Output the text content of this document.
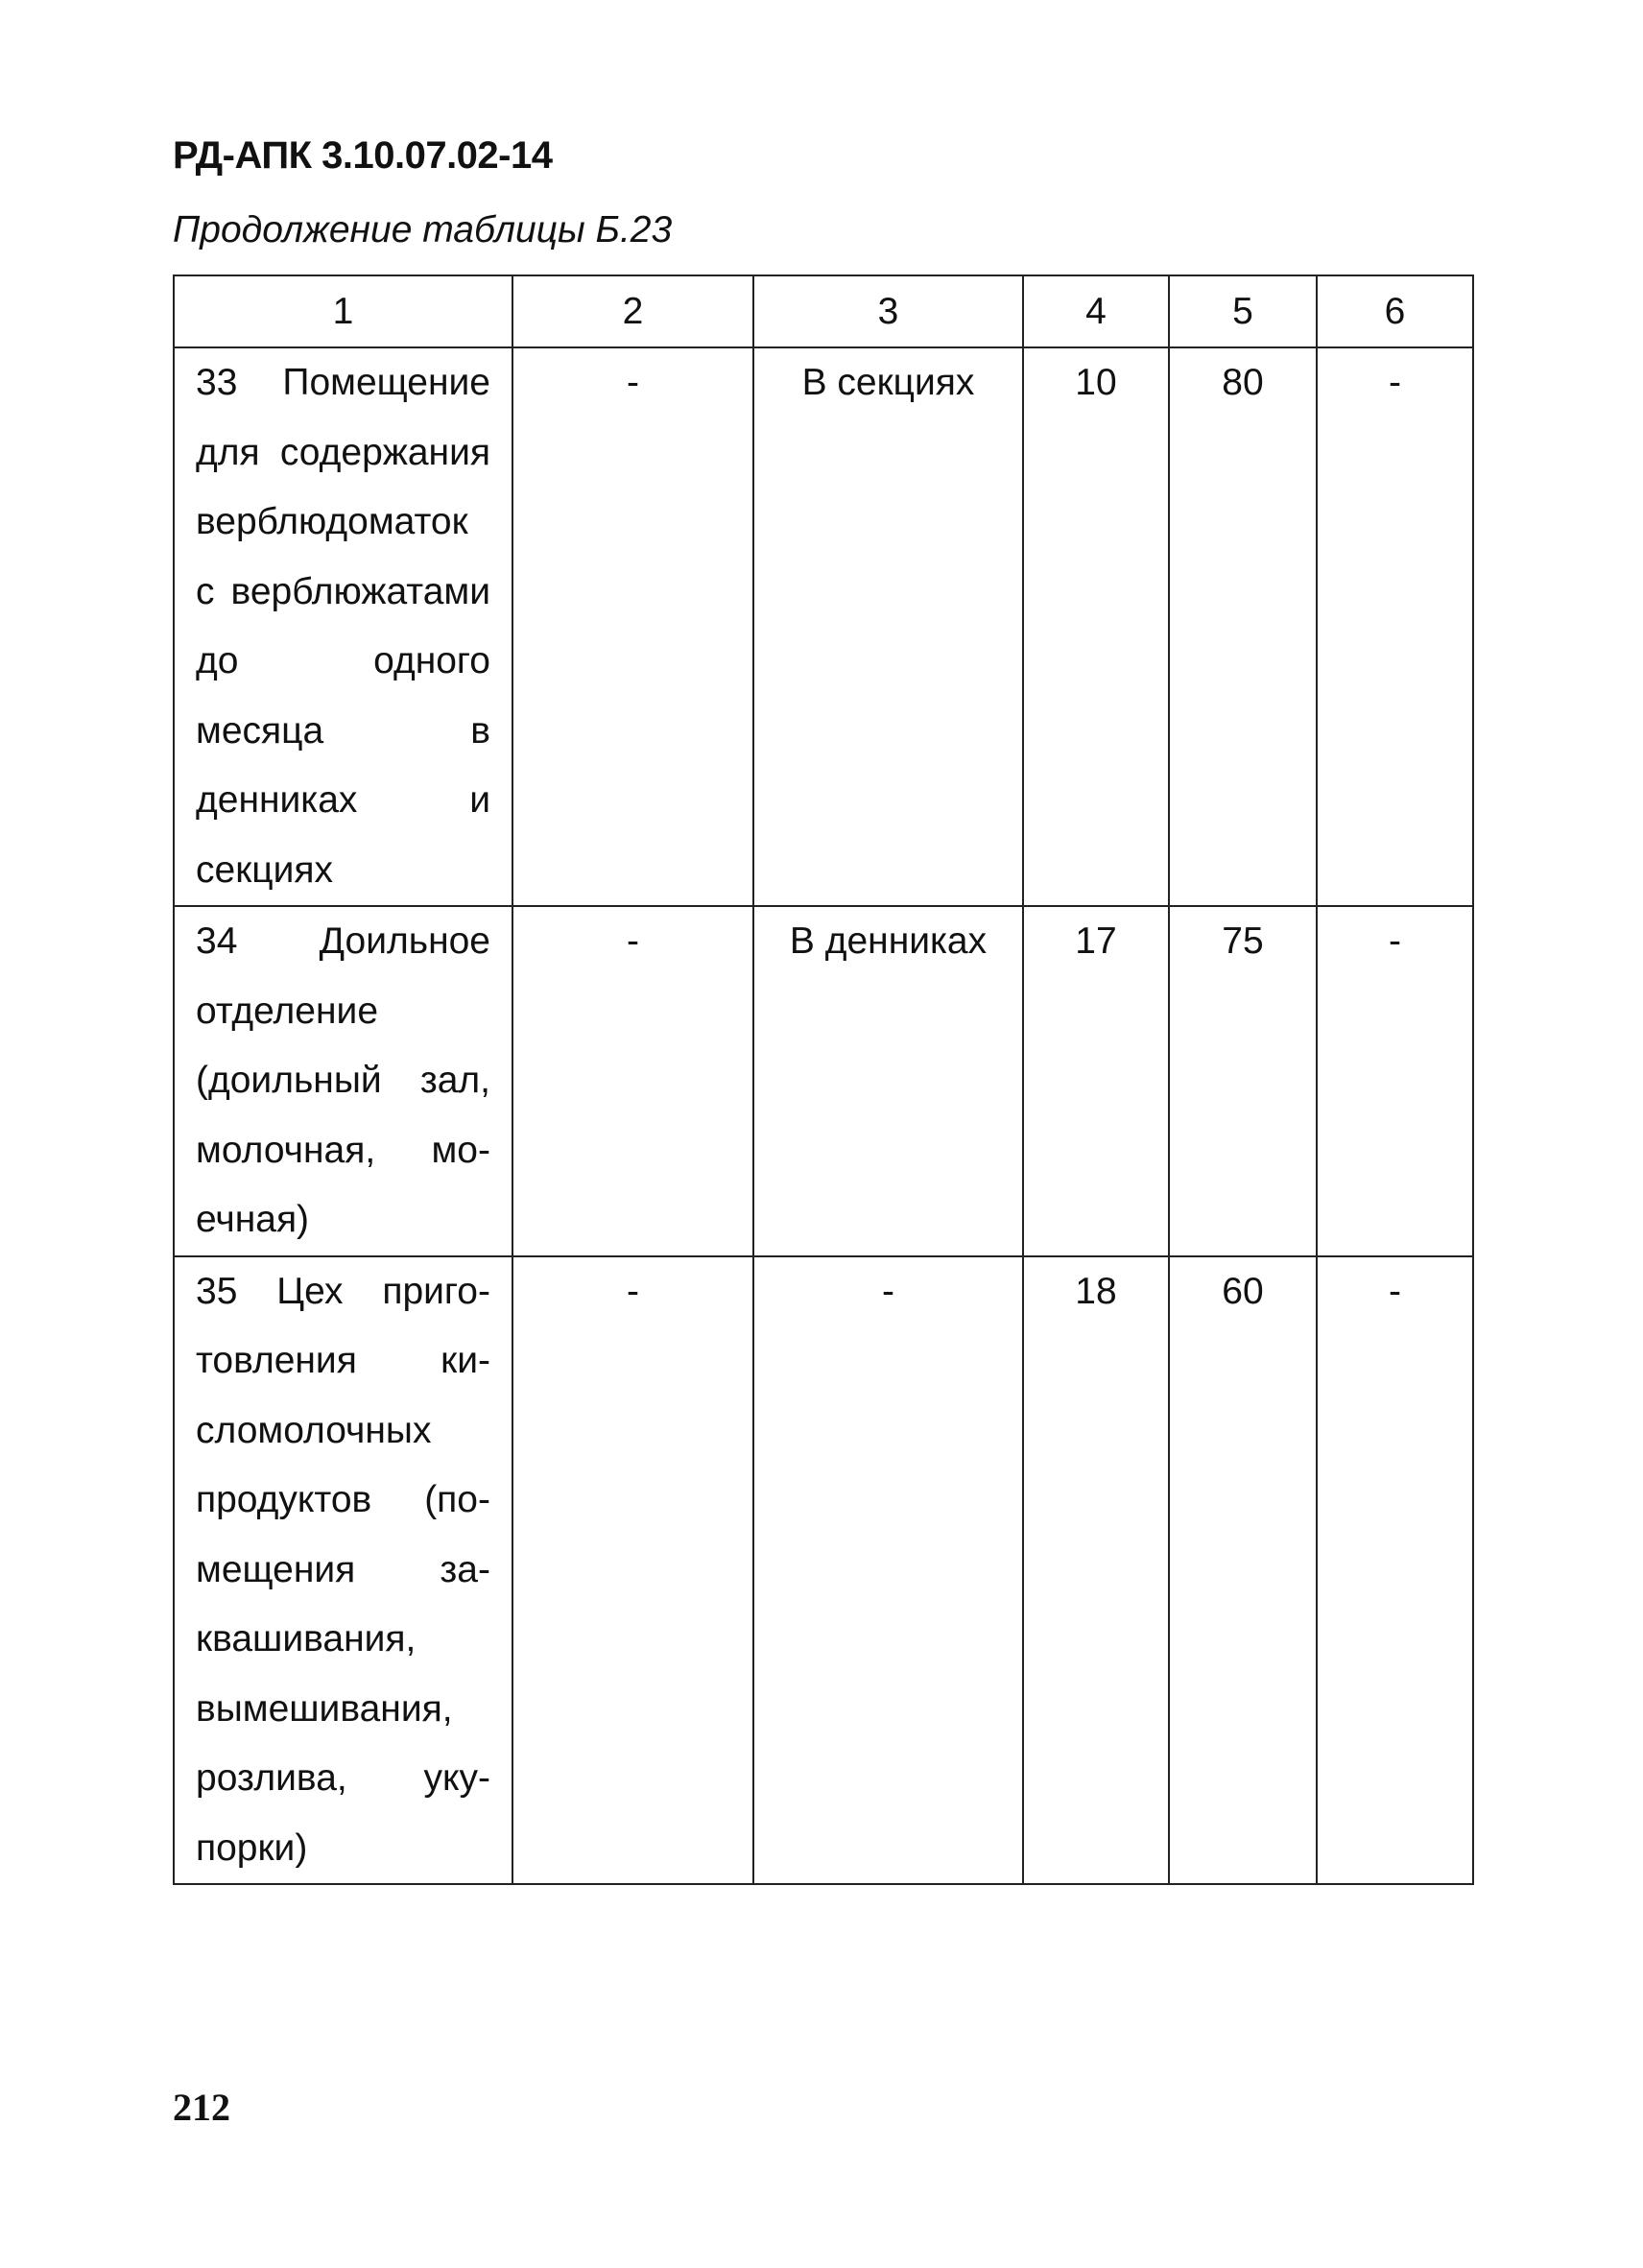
РД-АПК 3.10.07.02-14

Продолжение таблицы Б.23

1	2	3	4	5	6
33 Помещение для содержания верблюдоматок с верблюжатами до одного месяца в денниках и секциях	-	В секциях	10	80	-
34 Доильное отделение (доильный зал, молочная, моечная)	-	В денниках	17	75	-
35 Цех приготовления кисломолочных продуктов (помещения заквашивания, вымешивания, розлива, укупорки)	-	-	18	60	-

212
